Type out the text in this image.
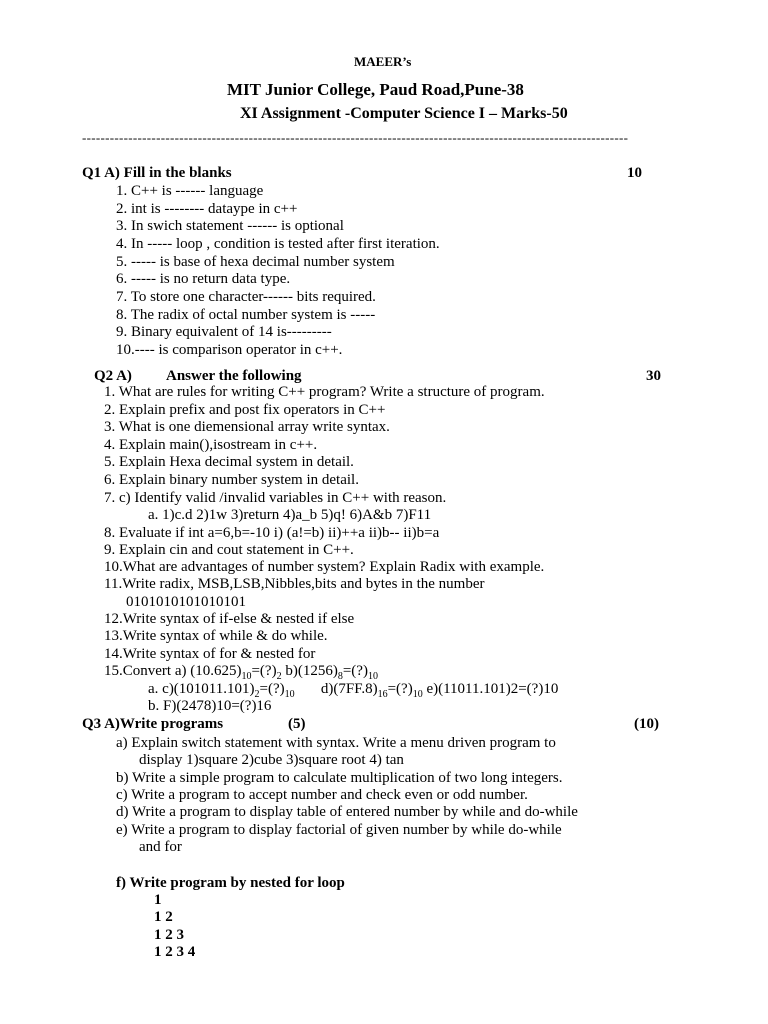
MAEER’s
MIT Junior College, Paud Road,Pune-38
XI Assignment -Computer Science I – Marks-50
----------------------------------------------------------------------------------------------------------------------
Q1 A) Fill in the blanks	10
1. C++ is ------ language
2. int is -------- dataype in c++
3. In swich statement ------ is optional
4. In ----- loop , condition is tested after first iteration.
5. ----- is base of hexa decimal number system
6. ----- is no return data type.
7. To store one character------ bits required.
8. The radix of octal number system is -----
9. Binary equivalent of 14 is---------
10.---- is comparison operator in c++.
Q2 A) Answer the following	30
1. What are rules for writing C++ program? Write a structure of program.
2. Explain prefix and post fix operators in C++
3. What is one diemensional array write syntax.
4. Explain main(),isostream in c++.
5. Explain Hexa decimal system in detail.
6. Explain binary number system in detail.
7. c) Identify valid /invalid variables in C++ with reason.
a. 1)c.d 2)1w 3)return 4)a_b 5)q! 6)A&b 7)F11
8. Evaluate if int a=6,b=-10 i) (a!=b) ii)++a ii)b-- ii)b=a
9. Explain cin and cout statement in C++.
10.What are advantages of number system? Explain Radix with example.
11.Write radix, MSB,LSB,Nibbles,bits and bytes in the number
0101010101010101
12.Write syntax of if-else & nested if else
13.Write syntax of while & do while.
14.Write syntax of for & nested for
15.Convert a) $(10.625)_{10}=(?)_2$ $b)(1256)_8=(?)_{10}$
a. $c)(101011.101)_2=(?)_{10}$       $d)(7FF.8)_{16}=(?)_{10}$ e)(11011.101)2=(?)10
b. F)(2478)10=(?)16
Q3 A)Write programs	(5)	(10)
a) Explain switch statement with syntax. Write a menu driven program to
display 1)square 2)cube 3)square root 4) tan
b) Write a simple program to calculate multiplication of two long integers.
c) Write a program to accept number and check even or odd number.
d) Write a program to display table of entered number by while and do-while
e) Write a program to display factorial of given number by while do-while
and for
f) Write program by nested for loop
1
1 2
1 2 3
1 2 3 4
